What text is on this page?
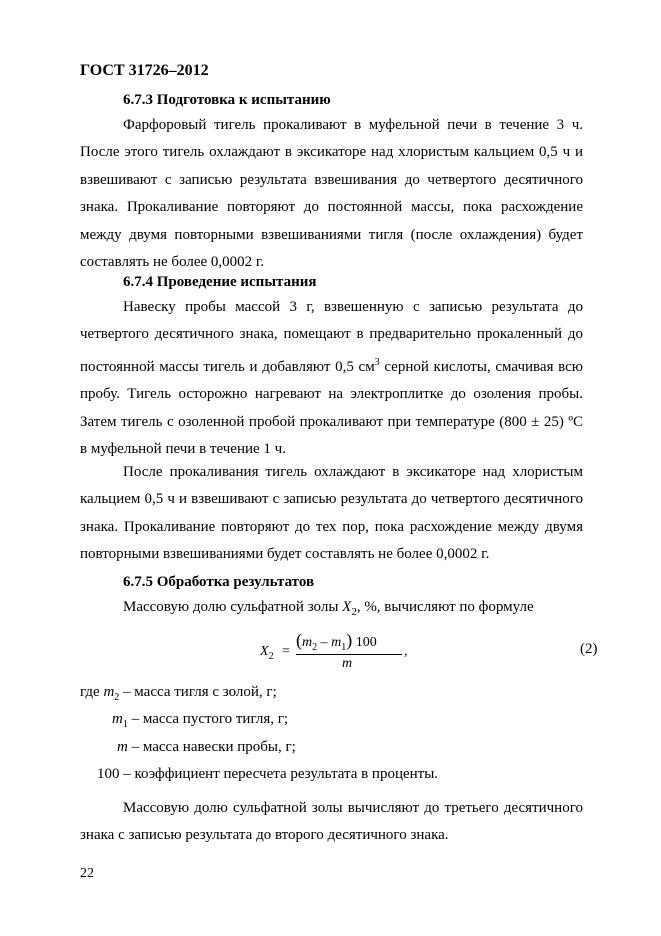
ГОСТ 31726–2012
6.7.3 Подготовка к испытанию
Фарфоровый тигель прокаливают в муфельной печи в течение 3 ч. После этого тигель охлаждают в эксикаторе над хлористым кальцием 0,5 ч и взвешивают с записью результата взвешивания до четвертого десятичного знака. Прокаливание повторяют до постоянной массы, пока расхождение между двумя повторными взвешиваниями тигля (после охлаждения) будет составлять не более 0,0002 г.
6.7.4 Проведение испытания
Навеску пробы массой 3 г, взвешенную с записью результата до четвертого десятичного знака, помещают в предварительно прокаленный до постоянной массы тигель и добавляют 0,5 $см^3$ серной кислоты, смачивая всю пробу. Тигель осторожно нагревают на электроплитке до озоления пробы. Затем тигель с озоленной пробой прокаливают при температуре (800 ± 25) ºС в муфельной печи в течение 1 ч.
После прокаливания тигель охлаждают в эксикаторе над хлористым кальцием 0,5 ч и взвешивают с записью результата до четвертого десятичного знака. Прокаливание повторяют до тех пор, пока расхождение между двумя повторными взвешиваниями будет составлять не более 0,0002 г.
6.7.5 Обработка результатов
Массовую долю сульфатной золы $X_2$, %, вычисляют по формуле
$X_2$ =
$(m_2 - m_1)$ 100
m
,	(2)
где $m_2$ – масса тигля с золой, г;
$m_1$ – масса пустого тигля, г;
m – масса навески пробы, г;
100 – коэффициент пересчета результата в проценты.
Массовую долю сульфатной золы вычисляют до третьего десятичного знака с записью результата до второго десятичного знака.
22
